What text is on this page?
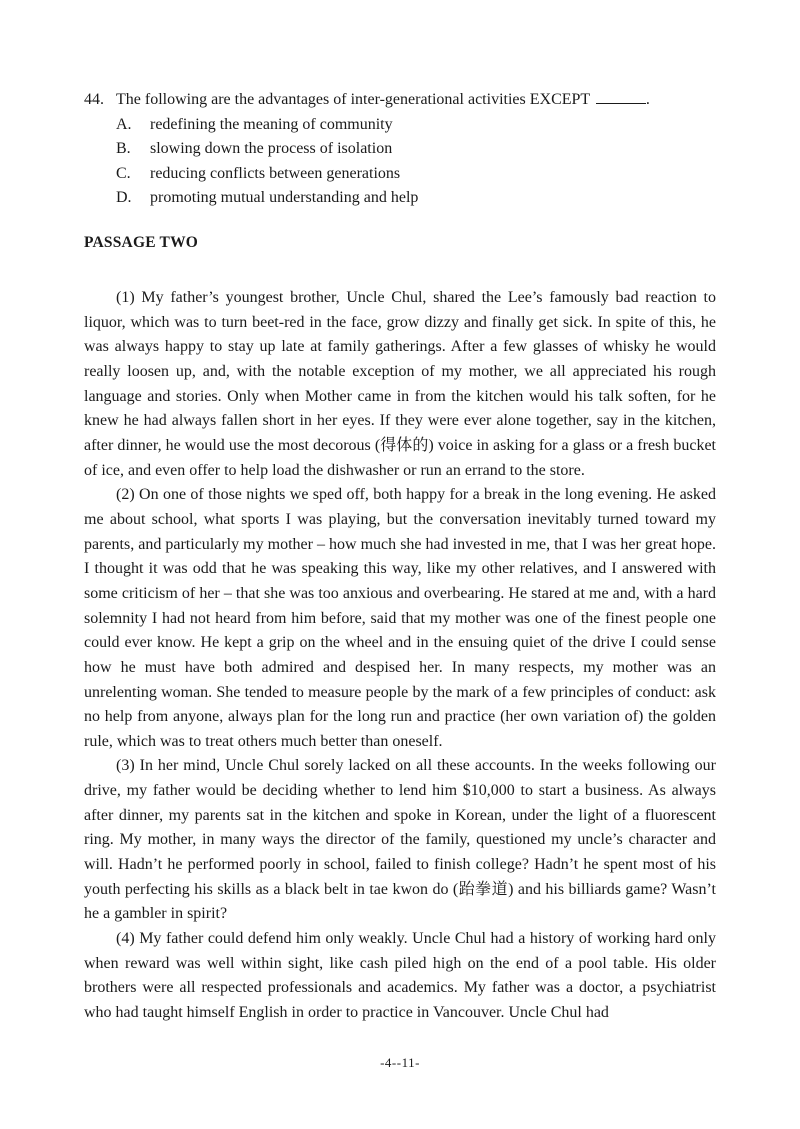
44. The following are the advantages of inter-generational activities EXCEPT	.
A. redefining the meaning of community
B. slowing down the process of isolation
C. reducing conflicts between generations
D. promoting mutual understanding and help
PASSAGE TWO

(1) My father’s youngest brother, Uncle Chul, shared the Lee’s famously bad reaction to liquor, which was to turn beet-red in the face, grow dizzy and finally get sick. In spite of this, he was always happy to stay up late at family gatherings. After a few glasses of whisky he would really loosen up, and, with the notable exception of my mother, we all appreciated his rough language and stories. Only when Mother came in from the kitchen would his talk soften, for he knew he had always fallen short in her eyes. If they were ever alone together, say in the kitchen, after dinner, he would use the most decorous (得体的) voice in asking for a glass or a fresh bucket of ice, and even offer to help load the dishwasher or run an errand to the store.

(2) On one of those nights we sped off, both happy for a break in the long evening. He asked me about school, what sports I was playing, but the conversation inevitably turned toward my parents, and particularly my mother – how much she had invested in me, that I was her great hope. I thought it was odd that he was speaking this way, like my other relatives, and I answered with some criticism of her – that she was too anxious and overbearing. He stared at me and, with a hard solemnity I had not heard from him before, said that my mother was one of the finest people one could ever know. He kept a grip on the wheel and in the ensuing quiet of the drive I could sense how he must have both admired and despised her. In many respects, my mother was an unrelenting woman. She tended to measure people by the mark of a few principles of conduct: ask no help from anyone, always plan for the long run and practice (her own variation of) the golden rule, which was to treat others much better than oneself.

(3) In her mind, Uncle Chul sorely lacked on all these accounts. In the weeks following our drive, my father would be deciding whether to lend him $10,000 to start a business. As always after dinner, my parents sat in the kitchen and spoke in Korean, under the light of a fluorescent ring. My mother, in many ways the director of the family, questioned my uncle’s character and will. Hadn’t he performed poorly in school, failed to finish college? Hadn’t he spent most of his youth perfecting his skills as a black belt in tae kwon do (跆拳道) and his billiards game? Wasn’t he a gambler in spirit?

(4) My father could defend him only weakly. Uncle Chul had a history of working hard only when reward was well within sight, like cash piled high on the end of a pool table. His older brothers were all respected professionals and academics. My father was a doctor, a psychiatrist who had taught himself English in order to practice in Vancouver. Uncle Chul had

-4--11-
